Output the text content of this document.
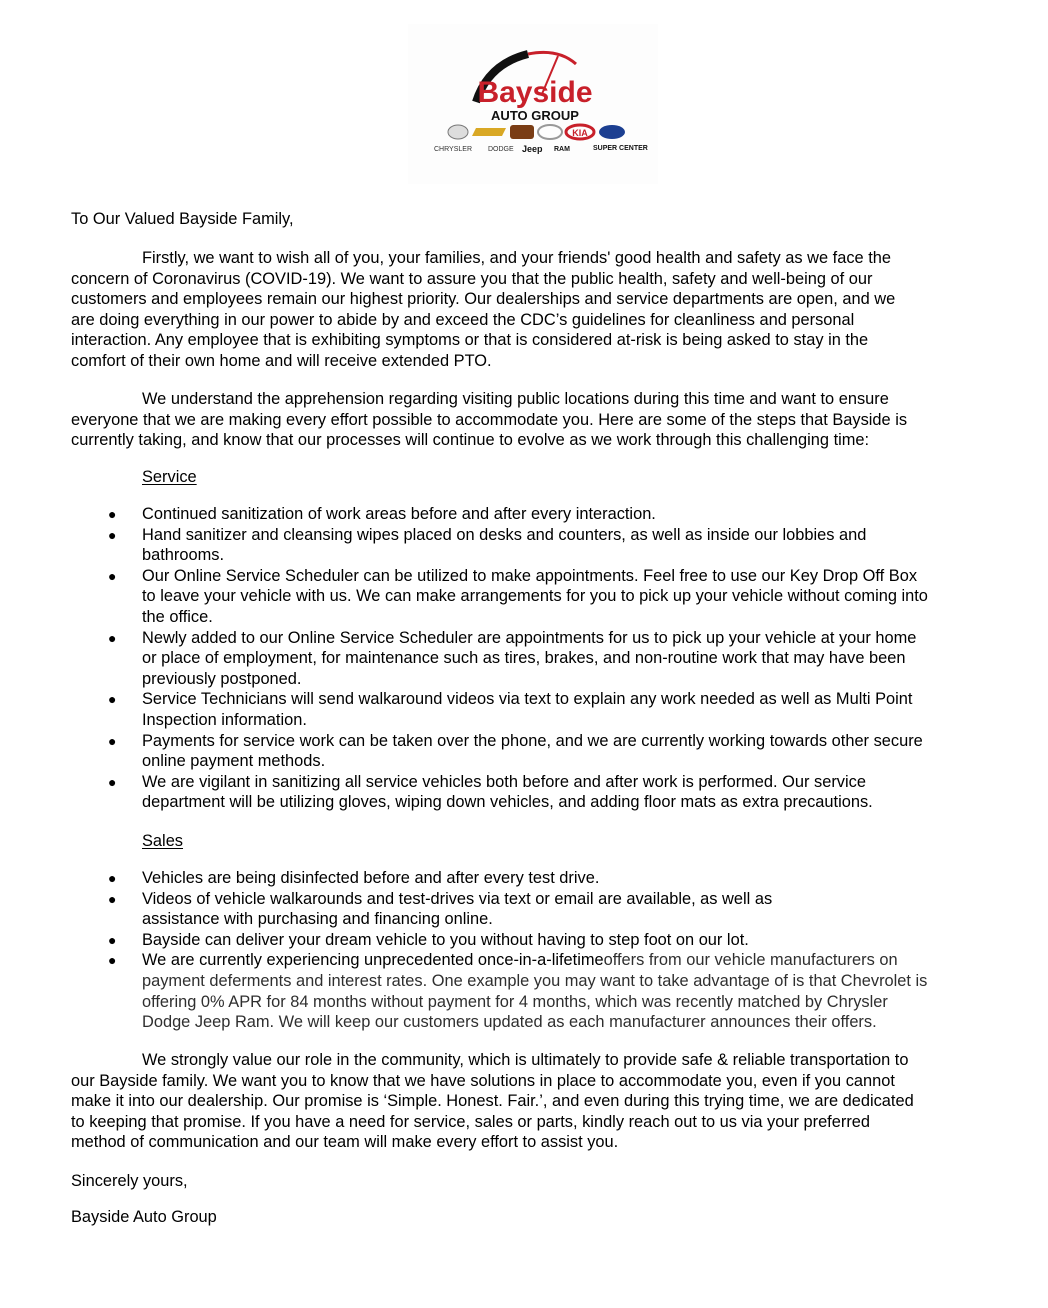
Bayside
AUTO GROUP
KIA
CHRYSLER DODGE Jeep RAM	SUPER CENTER
To Our Valued Bayside Family,
Firstly, we want to wish all of you, your families, and your friends' good health and safety as we face the
concern of Coronavirus (COVID-19). We want to assure you that the public health, safety and well-being of our
customers and employees remain our highest priority. Our dealerships and service departments are open, and we
are doing everything in our power to abide by and exceed the CDC’s guidelines for cleanliness and personal
interaction. Any employee that is exhibiting symptoms or that is considered at-risk is being asked to stay in the
comfort of their own home and will receive extended PTO.
We understand the apprehension regarding visiting public locations during this time and want to ensure
everyone that we are making every effort possible to accommodate you. Here are some of the steps that Bayside is
currently taking, and know that our processes will continue to evolve as we work through this challenging time:
Service
● Continued sanitization of work areas before and after every interaction.
● Hand sanitizer and cleansing wipes placed on desks and counters, as well as inside our lobbies and
bathrooms.
● Our Online Service Scheduler can be utilized to make appointments. Feel free to use our Key Drop Off Box
to leave your vehicle with us. We can make arrangements for you to pick up your vehicle without coming into
the office.
● Newly added to our Online Service Scheduler are appointments for us to pick up your vehicle at your home
or place of employment, for maintenance such as tires, brakes, and non-routine work that may have been
previously postponed.
● Service Technicians will send walkaround videos via text to explain any work needed as well as Multi Point
Inspection information.
● Payments for service work can be taken over the phone, and we are currently working towards other secure
online payment methods.
● We are vigilant in sanitizing all service vehicles both before and after work is performed. Our service
department will be utilizing gloves, wiping down vehicles, and adding floor mats as extra precautions.
Sales
● Vehicles are being disinfected before and after every test drive.
● Videos of vehicle walkarounds and test-drives via text or email are available, as well as
assistance with purchasing and financing online.
● Bayside can deliver your dream vehicle to you without having to step foot on our lot.
● We are currently experiencing unprecedented once-in-a-lifetime offers from our vehicle manufacturers on
payment deferments and interest rates. One example you may want to take advantage of is that Chevrolet is
offering 0% APR for 84 months without payment for 4 months, which was recently matched by Chrysler
Dodge Jeep Ram. We will keep our customers updated as each manufacturer announces their offers.
We strongly value our role in the community, which is ultimately to provide safe & reliable transportation to
our Bayside family. We want you to know that we have solutions in place to accommodate you, even if you cannot
make it into our dealership. Our promise is ‘Simple. Honest. Fair.’, and even during this trying time, we are dedicated
to keeping that promise. If you have a need for service, sales or parts, kindly reach out to us via your preferred
method of communication and our team will make every effort to assist you.
Sincerely yours,
Bayside Auto Group
